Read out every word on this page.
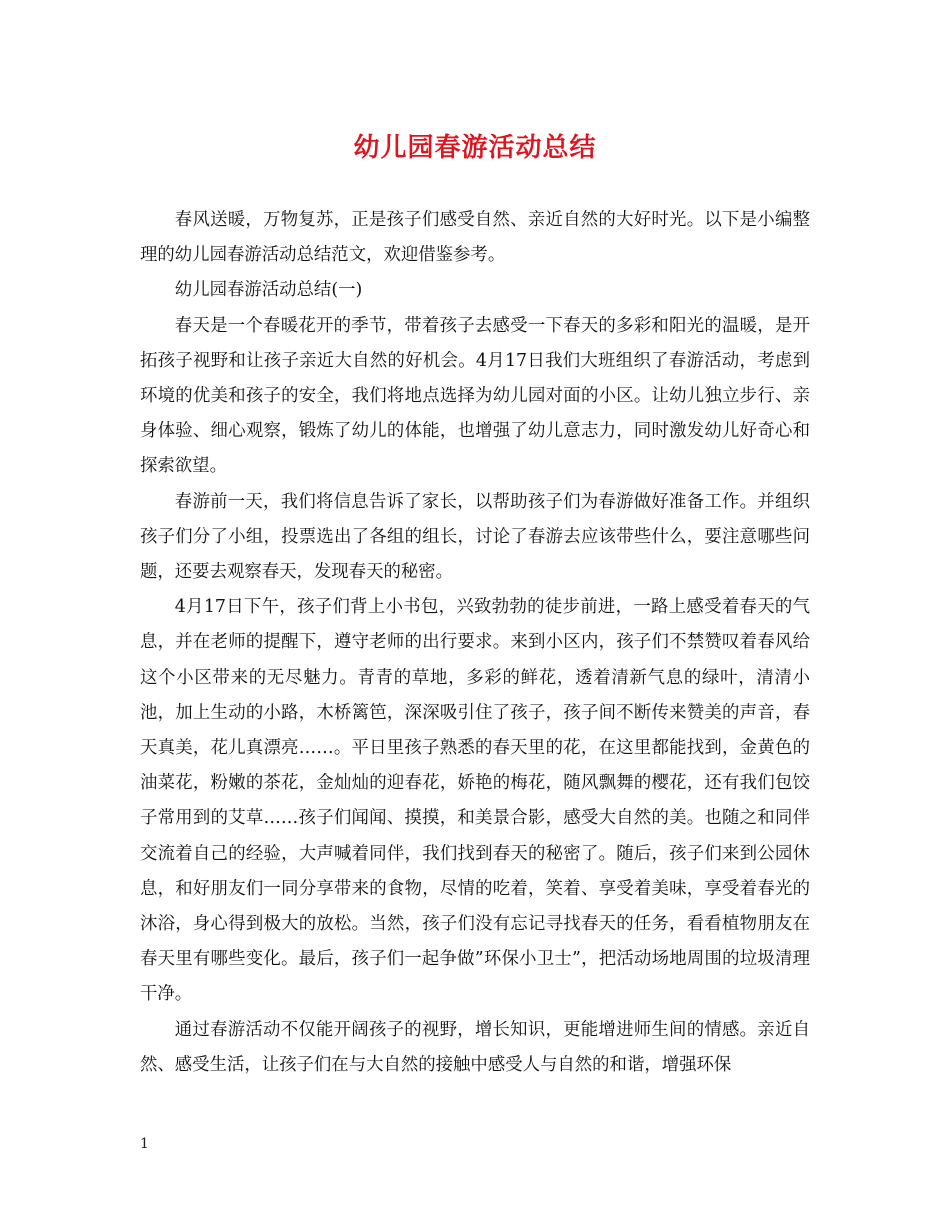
幼儿园春游活动总结

春风送暖，万物复苏，正是孩子们感受自然、亲近自然的大好时光。以下是小编整理的幼儿园春游活动总结范文，欢迎借鉴参考。

幼儿园春游活动总结(一)

春天是一个春暖花开的季节，带着孩子去感受一下春天的多彩和阳光的温暖，是开拓孩子视野和让孩子亲近大自然的好机会。4月17日我们大班组织了春游活动，考虑到环境的优美和孩子的安全，我们将地点选择为幼儿园对面的小区。让幼儿独立步行、亲身体验、细心观察，锻炼了幼儿的体能，也增强了幼儿意志力，同时激发幼儿好奇心和探索欲望。

春游前一天，我们将信息告诉了家长，以帮助孩子们为春游做好准备工作。并组织孩子们分了小组，投票选出了各组的组长，讨论了春游去应该带些什么，要注意哪些问题，还要去观察春天，发现春天的秘密。

4月17日下午，孩子们背上小书包，兴致勃勃的徒步前进，一路上感受着春天的气息，并在老师的提醒下，遵守老师的出行要求。来到小区内，孩子们不禁赞叹着春风给这个小区带来的无尽魅力。青青的草地，多彩的鲜花，透着清新气息的绿叶，清清小池，加上生动的小路，木桥篱笆，深深吸引住了孩子，孩子间不断传来赞美的声音，春天真美，花儿真漂亮……。平日里孩子熟悉的春天里的花，在这里都能找到，金黄色的油菜花，粉嫩的茶花，金灿灿的迎春花，娇艳的梅花，随风飘舞的樱花，还有我们包饺子常用到的艾草……孩子们闻闻、摸摸，和美景合影，感受大自然的美。也随之和同伴交流着自己的经验，大声喊着同伴，我们找到春天的秘密了。随后，孩子们来到公园休息，和好朋友们一同分享带来的食物，尽情的吃着，笑着、享受着美味，享受着春光的沐浴，身心得到极大的放松。当然，孩子们没有忘记寻找春天的任务，看看植物朋友在春天里有哪些变化。最后，孩子们一起争做”环保小卫士”，把活动场地周围的垃圾清理干净。

通过春游活动不仅能开阔孩子的视野，增长知识，更能增进师生间的情感。亲近自然、感受生活，让孩子们在与大自然的接触中感受人与自然的和谐，增强环保

1
